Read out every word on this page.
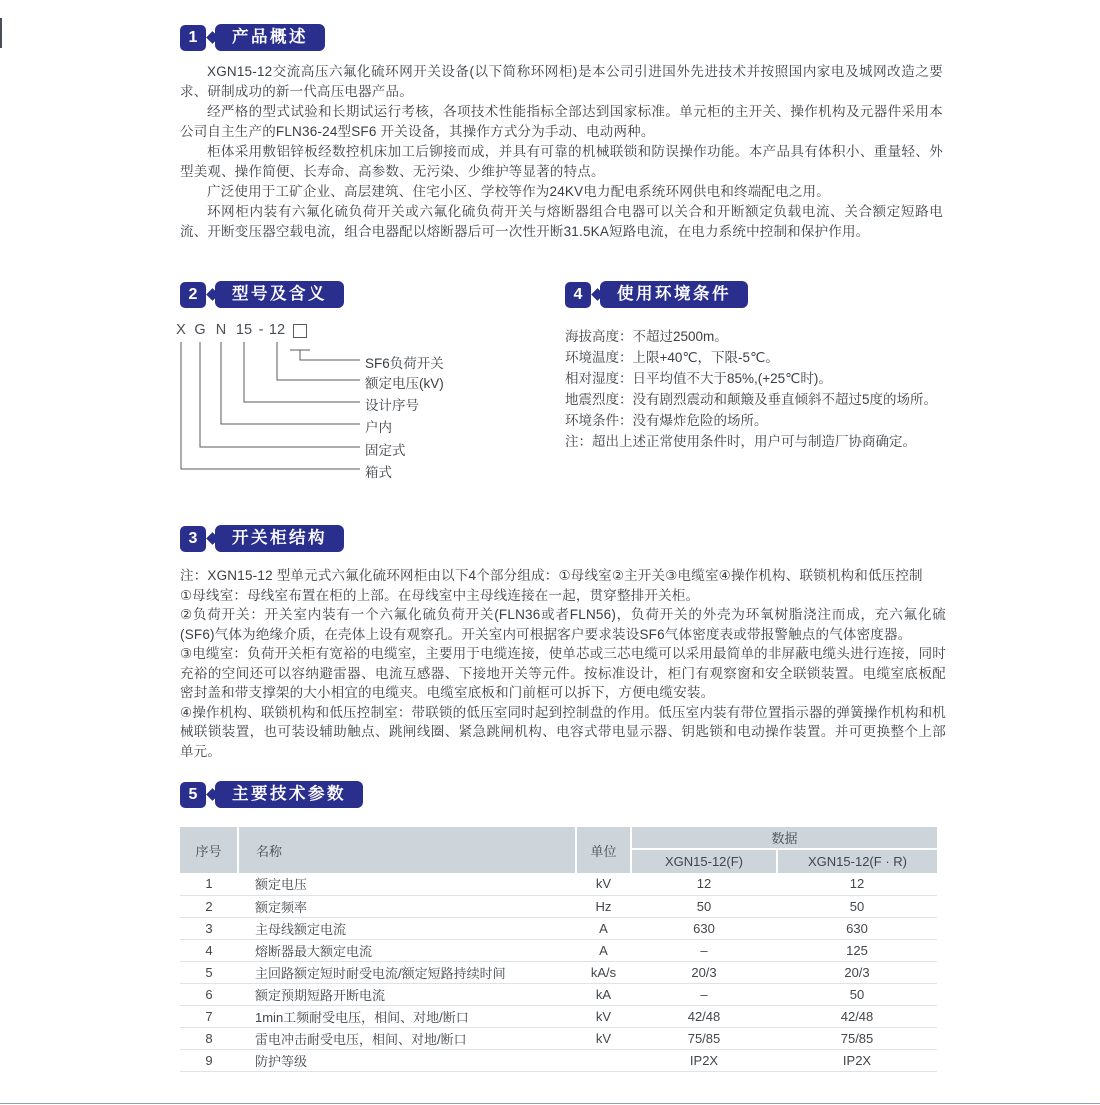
1	产品概述

XGN15-12交流高压六氟化硫环网开关设备(以下简称环网柜)是本公司引进国外先进技术并按照国内家电及城网改造之要求、研制成功的新一代高压电器产品。

经严格的型式试验和长期试运行考核，各项技术性能指标全部达到国家标准。单元柜的主开关、操作机构及元器件采用本公司自主生产的FLN36-24型SF6 开关设备，其操作方式分为手动、电动两种。

柜体采用敷铝锌板经数控机床加工后铆接而成，并具有可靠的机械联锁和防误操作功能。本产品具有体积小、重量轻、外型美观、操作简便、长寿命、高参数、无污染、少维护等显著的特点。

广泛使用于工矿企业、高层建筑、住宅小区、学校等作为24KV电力配电系统环网供电和终端配电之用。

环网柜内装有六氟化硫负荷开关或六氟化硫负荷开关与熔断器组合电器可以关合和开断额定负载电流、关合额定短路电流、开断变压器空载电流，组合电器配以熔断器后可一次性开断31.5KA短路电流，在电力系统中控制和保护作用。

2	型号及含义
X G N 15 - 12
SF6负荷开关
额定电压(kV)
设计序号
户内
固定式
箱式
4	使用环境条件
海拔高度：不超过2500m。
环境温度：上限+40℃，下限-5℃。
相对湿度：日平均值不大于85%,(+25℃时)。
地震烈度：没有剧烈震动和颠簸及垂直倾斜不超过5度的场所。
环境条件：没有爆炸危险的场所。
注：超出上述正常使用条件时，用户可与制造厂协商确定。
3	开关柜结构

注：XGN15-12 型单元式六氟化硫环网柜由以下4个部分组成：①母线室②主开关③电缆室④操作机构、联锁机构和低压控制

①母线室：母线室布置在柜的上部。在母线室中主母线连接在一起，贯穿整排开关柜。

②负荷开关：开关室内装有一个六氟化硫负荷开关(FLN36或者FLN56)，负荷开关的外壳为环氧树脂浇注而成，充六氟化硫(SF6)气体为绝缘介质，在壳体上设有观察孔。开关室内可根据客户要求装设SF6气体密度表或带报警触点的气体密度器。

③电缆室：负荷开关柜有宽裕的电缆室，主要用于电缆连接，使单芯或三芯电缆可以采用最简单的非屏蔽电缆头进行连接，同时充裕的空间还可以容纳避雷器、电流互感器、下接地开关等元件。按标准设计，柜门有观察窗和安全联锁装置。电缆室底板配密封盖和带支撑架的大小相宜的电缆夹。电缆室底板和门前框可以拆下，方便电缆安装。

④操作机构、联锁机构和低压控制室：带联锁的低压室同时起到控制盘的作用。低压室内装有带位置指示器的弹簧操作机构和机械联锁装置，也可装设辅助触点、跳闸线圈、紧急跳闸机构、电容式带电显示器、钥匙锁和电动操作装置。并可更换整个上部单元。

5	主要技术参数
序号	名称	单位	数据	
			XGN15-12(F)	XGN15-12(F · R)
1	额定电压	kV	12	12
2	额定频率	Hz	50	50
3	主母线额定电流	A	630	630
4	熔断器最大额定电流	A	–	125
5	主回路额定短时耐受电流/额定短路持续时间	kA/s	20/3	20/3
6	额定预期短路开断电流	kA	–	50
7	1min工频耐受电压，相间、对地/断口	kV	42/48	42/48
8	雷电冲击耐受电压，相间、对地/断口	kV	75/85	75/85
9	防护等级		IP2X	IP2X
